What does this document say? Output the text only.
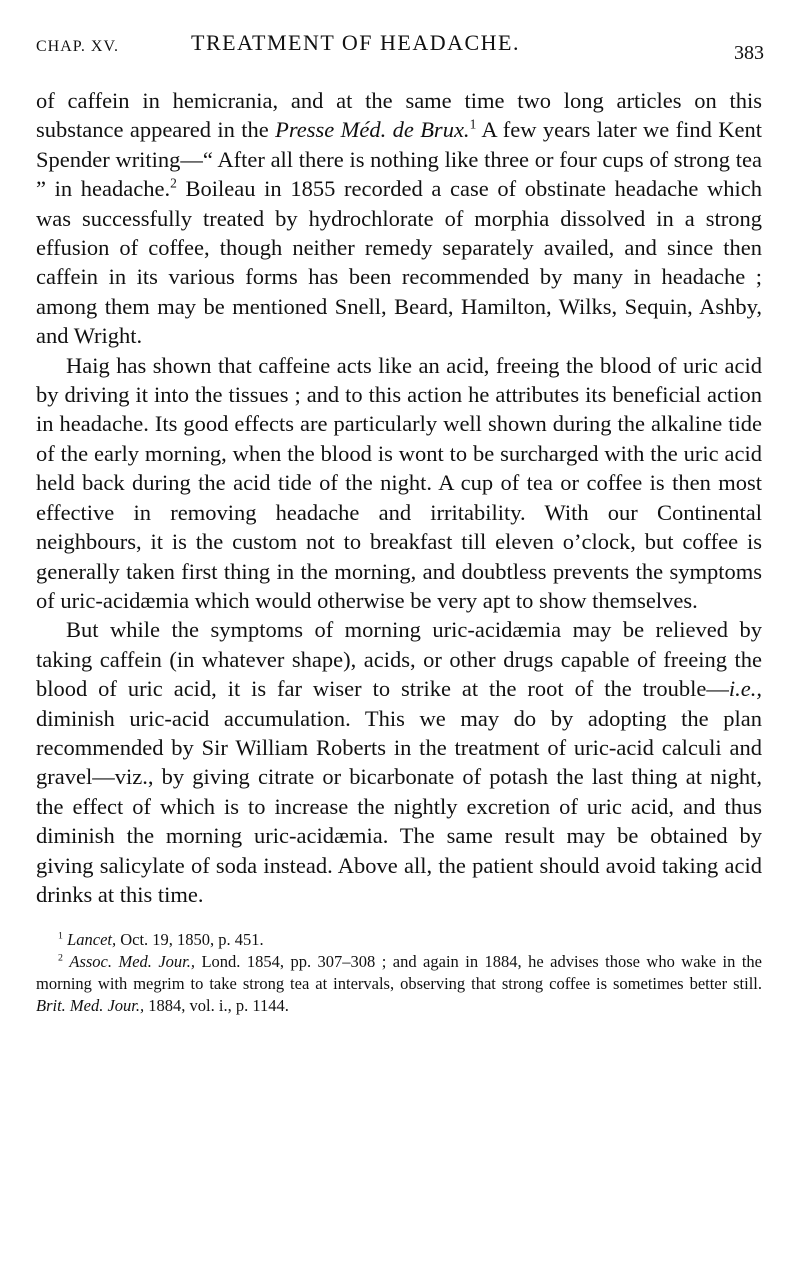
CHAP. XV.	TREATMENT OF HEADACHE.	383

of caffein in hemicrania, and at the same time two long articles on this substance appeared in the Presse Méd. de Brux.$^1$ A few years later we find Kent Spender writing—“ After all there is nothing like three or four cups of strong tea ” in headache.$^2$ Boileau in 1855 recorded a case of obstinate headache which was successfully treated by hydrochlorate of morphia dissolved in a strong effusion of coffee, though neither remedy separately availed, and since then caffein in its various forms has been recommended by many in headache ; among them may be mentioned Snell, Beard, Hamilton, Wilks, Sequin, Ashby, and Wright.

Haig has shown that caffeine acts like an acid, freeing the blood of uric acid by driving it into the tissues ; and to this action he attributes its beneficial action in headache. Its good effects are particularly well shown during the alkaline tide of the early morning, when the blood is wont to be surcharged with the uric acid held back during the acid tide of the night. A cup of tea or coffee is then most effective in removing headache and irritability. With our Continental neighbours, it is the custom not to breakfast till eleven o’clock, but coffee is generally taken first thing in the morning, and doubtless prevents the symptoms of uric-acidæmia which would otherwise be very apt to show themselves.

But while the symptoms of morning uric-acidæmia may be relieved by taking caffein (in whatever shape), acids, or other drugs capable of freeing the blood of uric acid, it is far wiser to strike at the root of the trouble—i.e., diminish uric-acid accumulation. This we may do by adopting the plan recommended by Sir William Roberts in the treatment of uric-acid calculi and gravel—viz., by giving citrate or bicarbonate of potash the last thing at night, the effect of which is to increase the nightly excretion of uric acid, and thus diminish the morning uric-acidæmia. The same result may be obtained by giving salicylate of soda instead. Above all, the patient should avoid taking acid drinks at this time.

$^1$ Lancet, Oct. 19, 1850, p. 451.

$^2$ Assoc. Med. Jour., Lond. 1854, pp. 307–308 ; and again in 1884, he advises those who wake in the morning with megrim to take strong tea at intervals, observing that strong coffee is sometimes better still. Brit. Med. Jour., 1884, vol. i., p. 1144.
